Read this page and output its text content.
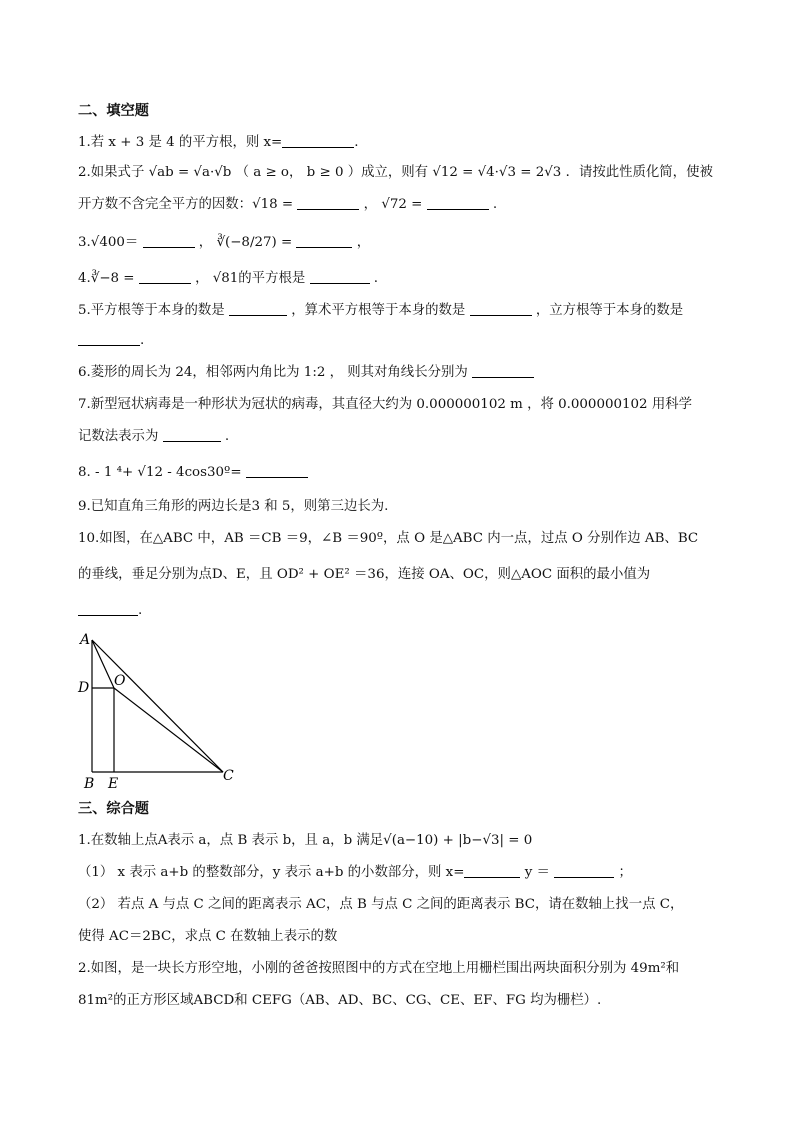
二、填空题
1.若 x + 3 是 4 的平方根，则 x=	.
2.如果式子 √ab = √a·√b （ a ≥ o， b ≥ 0 ）成立，则有 √12 = √4·√3 = 2√3 ．请按此性质化简，使被
开方数不含完全平方的因数：√18 =	， √72 =	.
3.√400＝	， ∛(−8/27) =	，
4.∛−8 =	， √81的平方根是	.
5.平方根等于本身的数是	，算术平方根等于本身的数是	，立方根等于本身的数是
.
6.菱形的周长为 24，相邻两内角比为 1:2 ， 则其对角线长分别为
7.新型冠状病毒是一种形状为冠状的病毒，其直径大约为 0.000000102 m ，将 0.000000102 用科学
记数法表示为	.
8. - 1 ⁴+ √12 - 4cos30º=
9.已知直角三角形的两边长是3 和 5，则第三边长为.
10.如图，在△ABC 中，AB ＝CB ＝9，∠B ＝90º，点 O 是△ABC 内一点，过点 O 分别作边 AB、BC
的垂线，垂足分别为点D、E，且 OD² + OE² ＝36，连接 OA、OC，则△AOC 面积的最小值为
.
A
D O
B E	C
三、综合题
1.在数轴上点A表示 a，点 B 表示 b，且 a，b 满足√(a−10) + |b−√3| = 0
（1） x 表示 a+b 的整数部分，y 表示 a+b 的小数部分，则 x=	y ＝	；
（2） 若点 A 与点 C 之间的距离表示 AC，点 B 与点 C 之间的距离表示 BC，请在数轴上找一点 C，
使得 AC＝2BC，求点 C 在数轴上表示的数
2.如图，是一块长方形空地，小刚的爸爸按照图中的方式在空地上用栅栏围出两块面积分别为 49m²和
81m²的正方形区域ABCD和 CEFG（AB、AD、BC、CG、CE、EF、FG 均为栅栏）.
